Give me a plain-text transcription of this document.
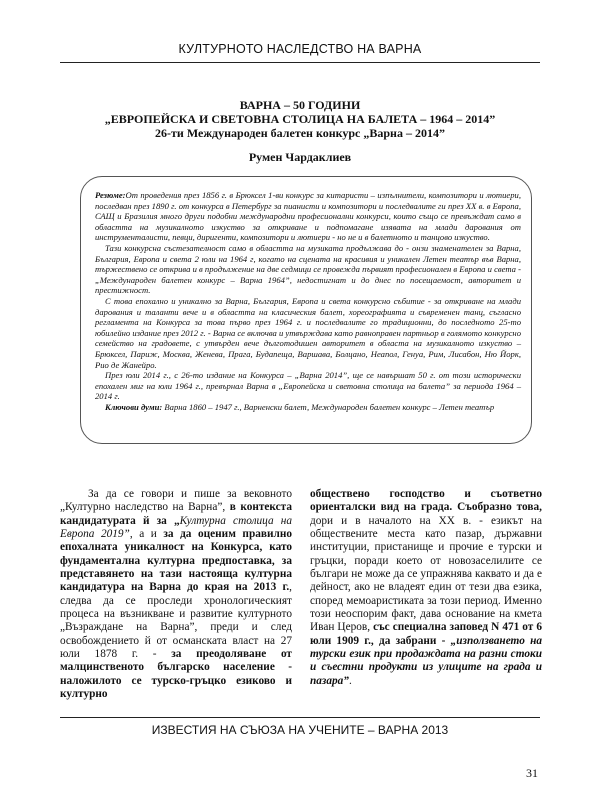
КУЛТУРНОТО НАСЛЕДСТВО НА ВАРНА
ВАРНА – 50 ГОДИНИ
„ЕВРОПЕЙСКА И СВЕТОВНА СТОЛИЦА НА БАЛЕТА – 1964 – 2014”
26-ти Международен балетен конкурс „Варна – 2014”
Румен Чардаклиев

Резюме:От проведения през 1856 г. в Брюксел 1-ви конкурс за китаристи – изпълнители, композитори и лютиери, последван през 1890 г. от конкурса в Петербург за пианисти и композитори и последвалите ги през ХХ в. в Европа, САЩ и Бразилия много други подобни международни професионални конкурси, които също се превъждат само в областта на музикалното изкуство за откриване и подпомагане изявата на млади дарования от инструменталисти, певци, диригенти, композитори и лютиери - но не и в балетното и танцово изкуство.

Тази конкурсна състезателност само в областта на музиката продължава до - онзи знаменателен за Варна, България, Европа и света 2 юли на 1964 г, когато на сцената на красивия и уникален Летен театър във Варна, тържествено се открива и в продължение на две седмици се провежда първият професионален в Европа и света - „Международен балетен конкурс – Варна 1964”, недостигнат и до днес по посещаемост, авторитет и престижност.

С това епохално и уникално за Варна, България, Европа и света конкурсно събитие - за откриване на млади дарования и таланти вече и в областта на класическия балет, хореографията и съвременен танц, съгласно регламента на Конкурса за това първо през 1964 г. и последвалите го традиционни, до последното 25-то юбилейно издание през 2012 г. - Варна се включва и утвърждава като равноправен партньор в голямото конкурсно семейство на градовете, с утвърден вече дълготодишен авторитет в областа на музикалното изкуство – Брюксел, Париж, Москва, Женева, Прага, Будапеща, Варшава, Болцано, Неапол, Генуа, Рим, Лисабон, Ню Йорк, Рио де Жанейро.

През юли 2014 г., с 26-то издание на Конкурса – „Варна 2014”, ще се навършат 50 г. от този исторически епохален миг на юли 1964 г., превърнал Варна в „Европейска и световна столица на балета” за периода 1964 – 2014 г.

Ключови думи: Варна 1860 – 1947 г., Варненски балет, Международен балетен конкурс – Летен театър

За да се говори и пише за вековното „Културно наследство на Варна”, в контекста кандидатурата й за „Културна столица на Европа 2019”, а и за да оценим правилно епохалната уникалност на Конкурса, като фундаментална културна предпоставка, за представянето на тази настояща културна кандидатура на Варна до края на 2013 г., следва да се проследи хронологическият процеса на възникване и развитие културното „Възраждане на Варна”, преди и след освобождението й от османската власт на 27 юли 1878 г. - за преодоляване от малцинственото българско население - наложилото се турско-гръцко езиково и културно

обществено господство и съответно ориенталски вид на града. Съобразно това, дори и в началото на ХХ в. - езикът на обществените места като пазар, държавни институции, пристанище и прочие е турски и гръцки, поради което от новозаселилите се българи не може да се упражнява каквато и да е дейност, ако не владеят един от тези два езика, според мемоаристиката за този период. Именно този неоспорим факт, дава основание на кмета Иван Церов, със специална заповед N 471 от 6 юли 1909 г., да забрани - „използването на турски език при продаждата на разни стоки и съестни продукти из улиците на града и пазара”.

ИЗВЕСТИЯ НА СЪЮЗА НА УЧЕНИТЕ – ВАРНА 2013
31
